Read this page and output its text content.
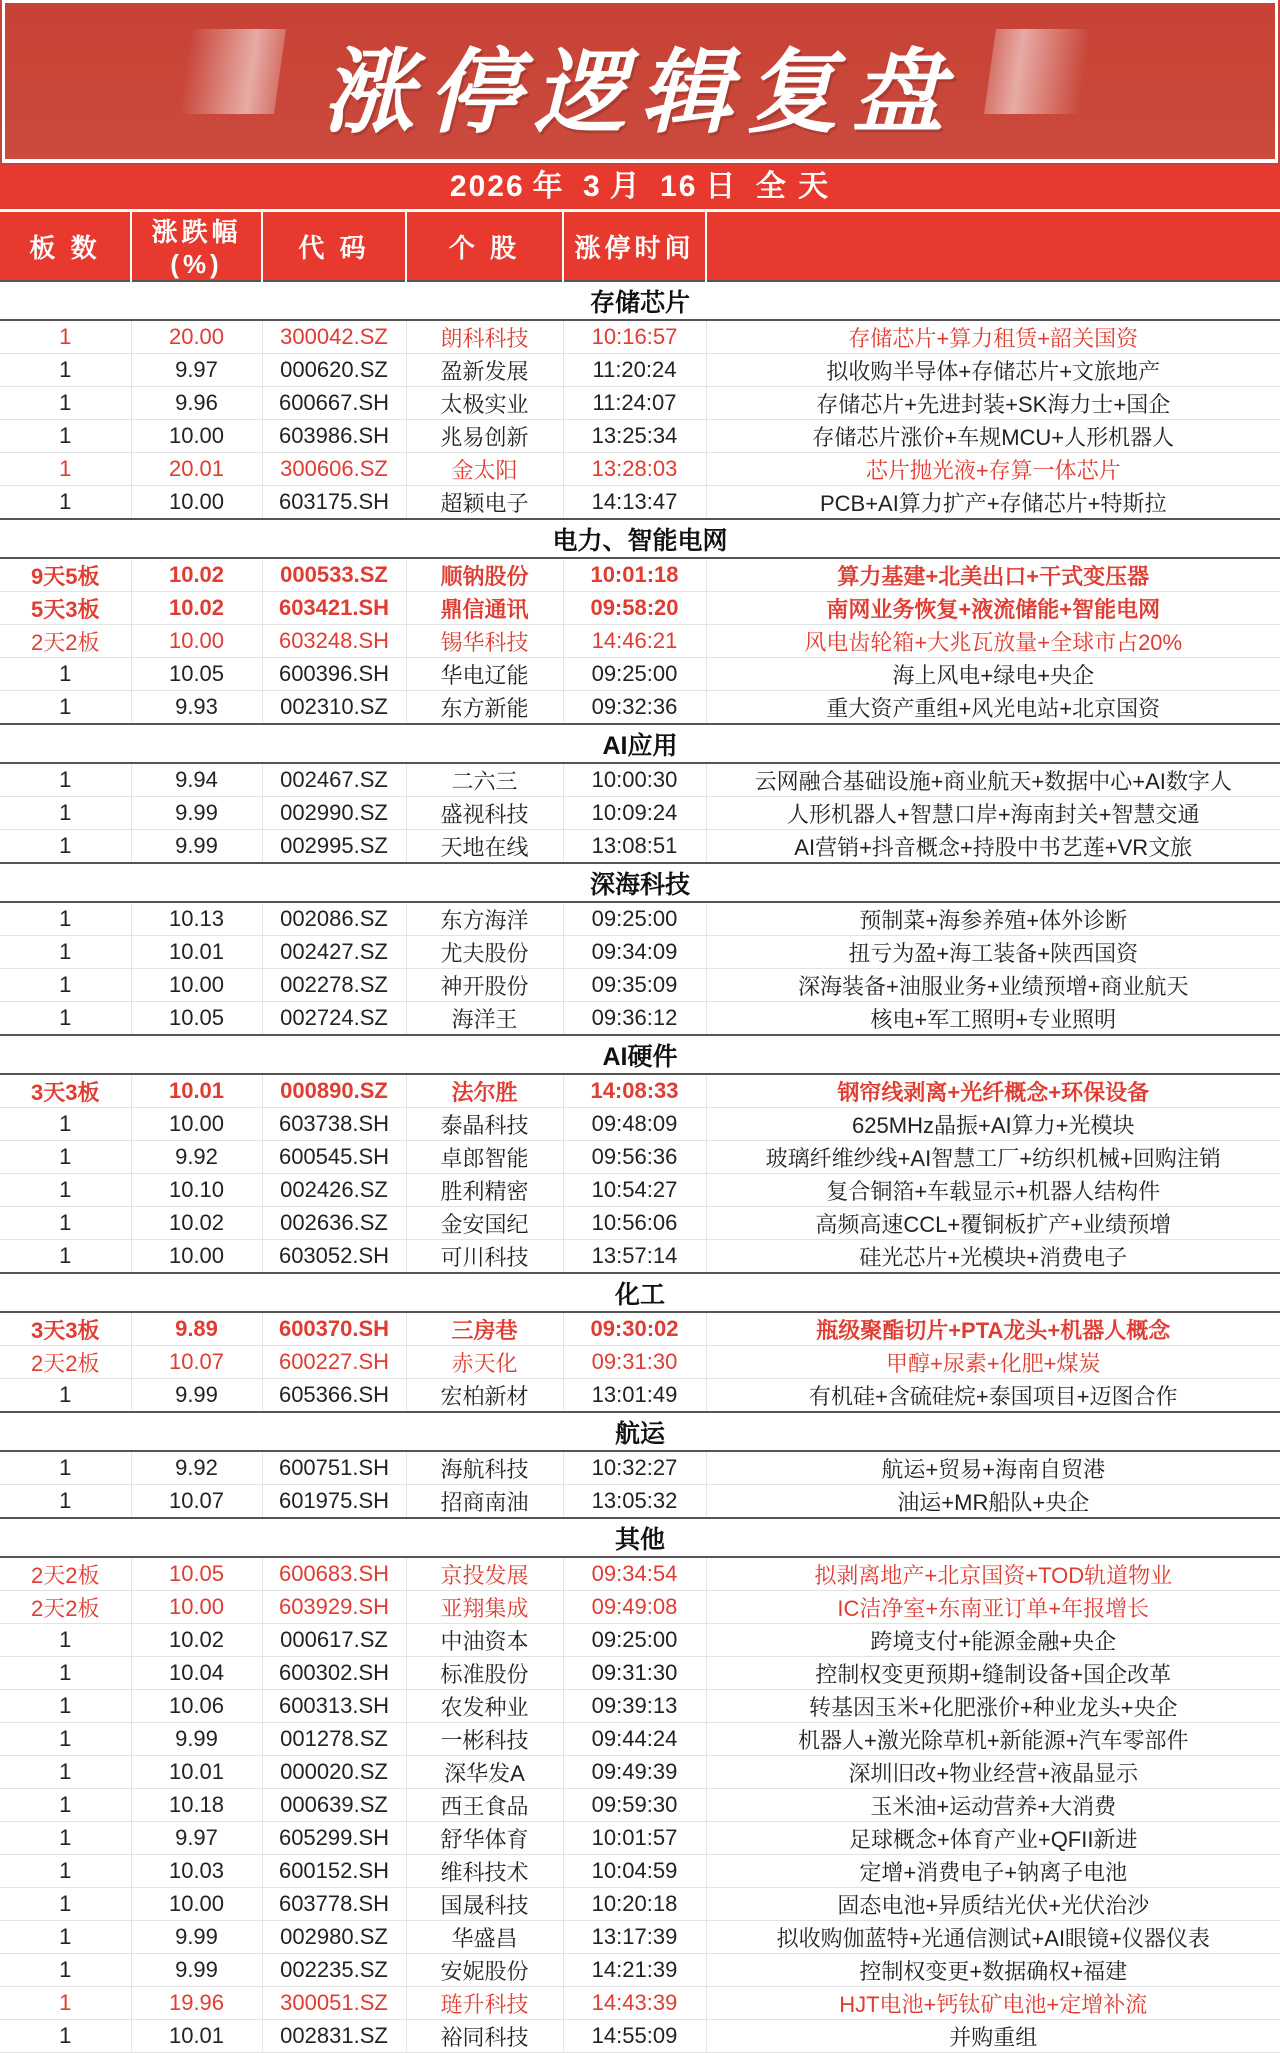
涨停逻辑复盘
2026 年 3 月 16 日 全 天
板 数	涨跌幅(%)	代 码	个 股	涨停时间	
存储芯片					
1	20.00	300042.SZ	朗科科技	10:16:57	存储芯片+算力租赁+韶关国资
1	9.97	000620.SZ	盈新发展	11:20:24	拟收购半导体+存储芯片+文旅地产
1	9.96	600667.SH	太极实业	11:24:07	存储芯片+先进封装+SK海力士+国企
1	10.00	603986.SH	兆易创新	13:25:34	存储芯片涨价+车规MCU+人形机器人
1	20.01	300606.SZ	金太阳	13:28:03	芯片抛光液+存算一体芯片
1	10.00	603175.SH	超颖电子	14:13:47	PCB+AI算力扩产+存储芯片+特斯拉
电力、智能电网					
9天5板	10.02	000533.SZ	顺钠股份	10:01:18	算力基建+北美出口+干式变压器
5天3板	10.02	603421.SH	鼎信通讯	09:58:20	南网业务恢复+液流储能+智能电网
2天2板	10.00	603248.SH	锡华科技	14:46:21	风电齿轮箱+大兆瓦放量+全球市占20%
1	10.05	600396.SH	华电辽能	09:25:00	海上风电+绿电+央企
1	9.93	002310.SZ	东方新能	09:32:36	重大资产重组+风光电站+北京国资
AI应用					
1	9.94	002467.SZ	二六三	10:00:30	云网融合基础设施+商业航天+数据中心+AI数字人
1	9.99	002990.SZ	盛视科技	10:09:24	人形机器人+智慧口岸+海南封关+智慧交通
1	9.99	002995.SZ	天地在线	13:08:51	AI营销+抖音概念+持股中书艺莲+VR文旅
深海科技					
1	10.13	002086.SZ	东方海洋	09:25:00	预制菜+海参养殖+体外诊断
1	10.01	002427.SZ	尤夫股份	09:34:09	扭亏为盈+海工装备+陕西国资
1	10.00	002278.SZ	神开股份	09:35:09	深海装备+油服业务+业绩预增+商业航天
1	10.05	002724.SZ	海洋王	09:36:12	核电+军工照明+专业照明
AI硬件					
3天3板	10.01	000890.SZ	法尔胜	14:08:33	钢帘线剥离+光纤概念+环保设备
1	10.00	603738.SH	泰晶科技	09:48:09	625MHz晶振+AI算力+光模块
1	9.92	600545.SH	卓郎智能	09:56:36	玻璃纤维纱线+AI智慧工厂+纺织机械+回购注销
1	10.10	002426.SZ	胜利精密	10:54:27	复合铜箔+车载显示+机器人结构件
1	10.02	002636.SZ	金安国纪	10:56:06	高频高速CCL+覆铜板扩产+业绩预增
1	10.00	603052.SH	可川科技	13:57:14	硅光芯片+光模块+消费电子
化工					
3天3板	9.89	600370.SH	三房巷	09:30:02	瓶级聚酯切片+PTA龙头+机器人概念
2天2板	10.07	600227.SH	赤天化	09:31:30	甲醇+尿素+化肥+煤炭
1	9.99	605366.SH	宏柏新材	13:01:49	有机硅+含硫硅烷+泰国项目+迈图合作
航运					
1	9.92	600751.SH	海航科技	10:32:27	航运+贸易+海南自贸港
1	10.07	601975.SH	招商南油	13:05:32	油运+MR船队+央企
其他					
2天2板	10.05	600683.SH	京投发展	09:34:54	拟剥离地产+北京国资+TOD轨道物业
2天2板	10.00	603929.SH	亚翔集成	09:49:08	IC洁净室+东南亚订单+年报增长
1	10.02	000617.SZ	中油资本	09:25:00	跨境支付+能源金融+央企
1	10.04	600302.SH	标准股份	09:31:30	控制权变更预期+缝制设备+国企改革
1	10.06	600313.SH	农发种业	09:39:13	转基因玉米+化肥涨价+种业龙头+央企
1	9.99	001278.SZ	一彬科技	09:44:24	机器人+激光除草机+新能源+汽车零部件
1	10.01	000020.SZ	深华发A	09:49:39	深圳旧改+物业经营+液晶显示
1	10.18	000639.SZ	西王食品	09:59:30	玉米油+运动营养+大消费
1	9.97	605299.SH	舒华体育	10:01:57	足球概念+体育产业+QFII新进
1	10.03	600152.SH	维科技术	10:04:59	定增+消费电子+钠离子电池
1	10.00	603778.SH	国晟科技	10:20:18	固态电池+异质结光伏+光伏治沙
1	9.99	002980.SZ	华盛昌	13:17:39	拟收购伽蓝特+光通信测试+AI眼镜+仪器仪表
1	9.99	002235.SZ	安妮股份	14:21:39	控制权变更+数据确权+福建
1	19.96	300051.SZ	琏升科技	14:43:39	HJT电池+钙钛矿电池+定增补流
1	10.01	002831.SZ	裕同科技	14:55:09	并购重组
